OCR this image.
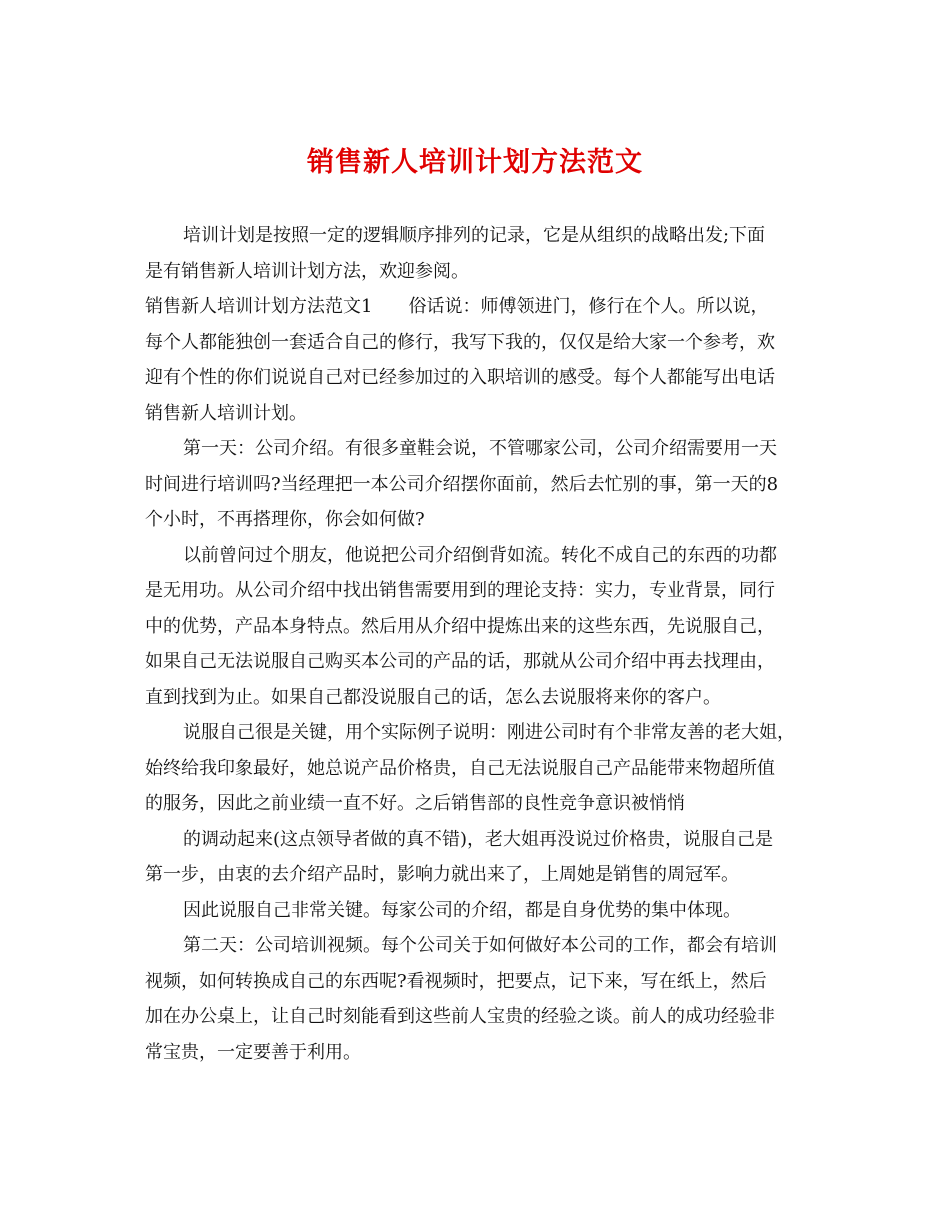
销售新人培训计划方法范文
培训计划是按照一定的逻辑顺序排列的记录，它是从组织的战略出发;下面
是有销售新人培训计划方法，欢迎参阅。
销售新人培训计划方法范文1　　俗话说：师傅领进门，修行在个人。所以说，
每个人都能独创一套适合自己的修行，我写下我的，仅仅是给大家一个参考，欢
迎有个性的你们说说自己对已经参加过的入职培训的感受。每个人都能写出电话
销售新人培训计划。
第一天：公司介绍。有很多童鞋会说，不管哪家公司，公司介绍需要用一天
时间进行培训吗?当经理把一本公司介绍摆你面前，然后去忙别的事，第一天的8
个小时，不再搭理你，你会如何做?
以前曾问过个朋友，他说把公司介绍倒背如流。转化不成自己的东西的功都
是无用功。从公司介绍中找出销售需要用到的理论支持：实力，专业背景，同行
中的优势，产品本身特点。然后用从介绍中提炼出来的这些东西，先说服自己，
如果自己无法说服自己购买本公司的产品的话，那就从公司介绍中再去找理由，
直到找到为止。如果自己都没说服自己的话，怎么去说服将来你的客户。
说服自己很是关键，用个实际例子说明：刚进公司时有个非常友善的老大姐，
始终给我印象最好，她总说产品价格贵，自己无法说服自己产品能带来物超所值
的服务，因此之前业绩一直不好。之后销售部的良性竞争意识被悄悄
的调动起来(这点领导者做的真不错)，老大姐再没说过价格贵，说服自己是
第一步，由衷的去介绍产品时，影响力就出来了，上周她是销售的周冠军。
因此说服自己非常关键。每家公司的介绍，都是自身优势的集中体现。
第二天：公司培训视频。每个公司关于如何做好本公司的工作，都会有培训
视频，如何转换成自己的东西呢?看视频时，把要点，记下来，写在纸上，然后
加在办公桌上，让自己时刻能看到这些前人宝贵的经验之谈。前人的成功经验非
常宝贵，一定要善于利用。
